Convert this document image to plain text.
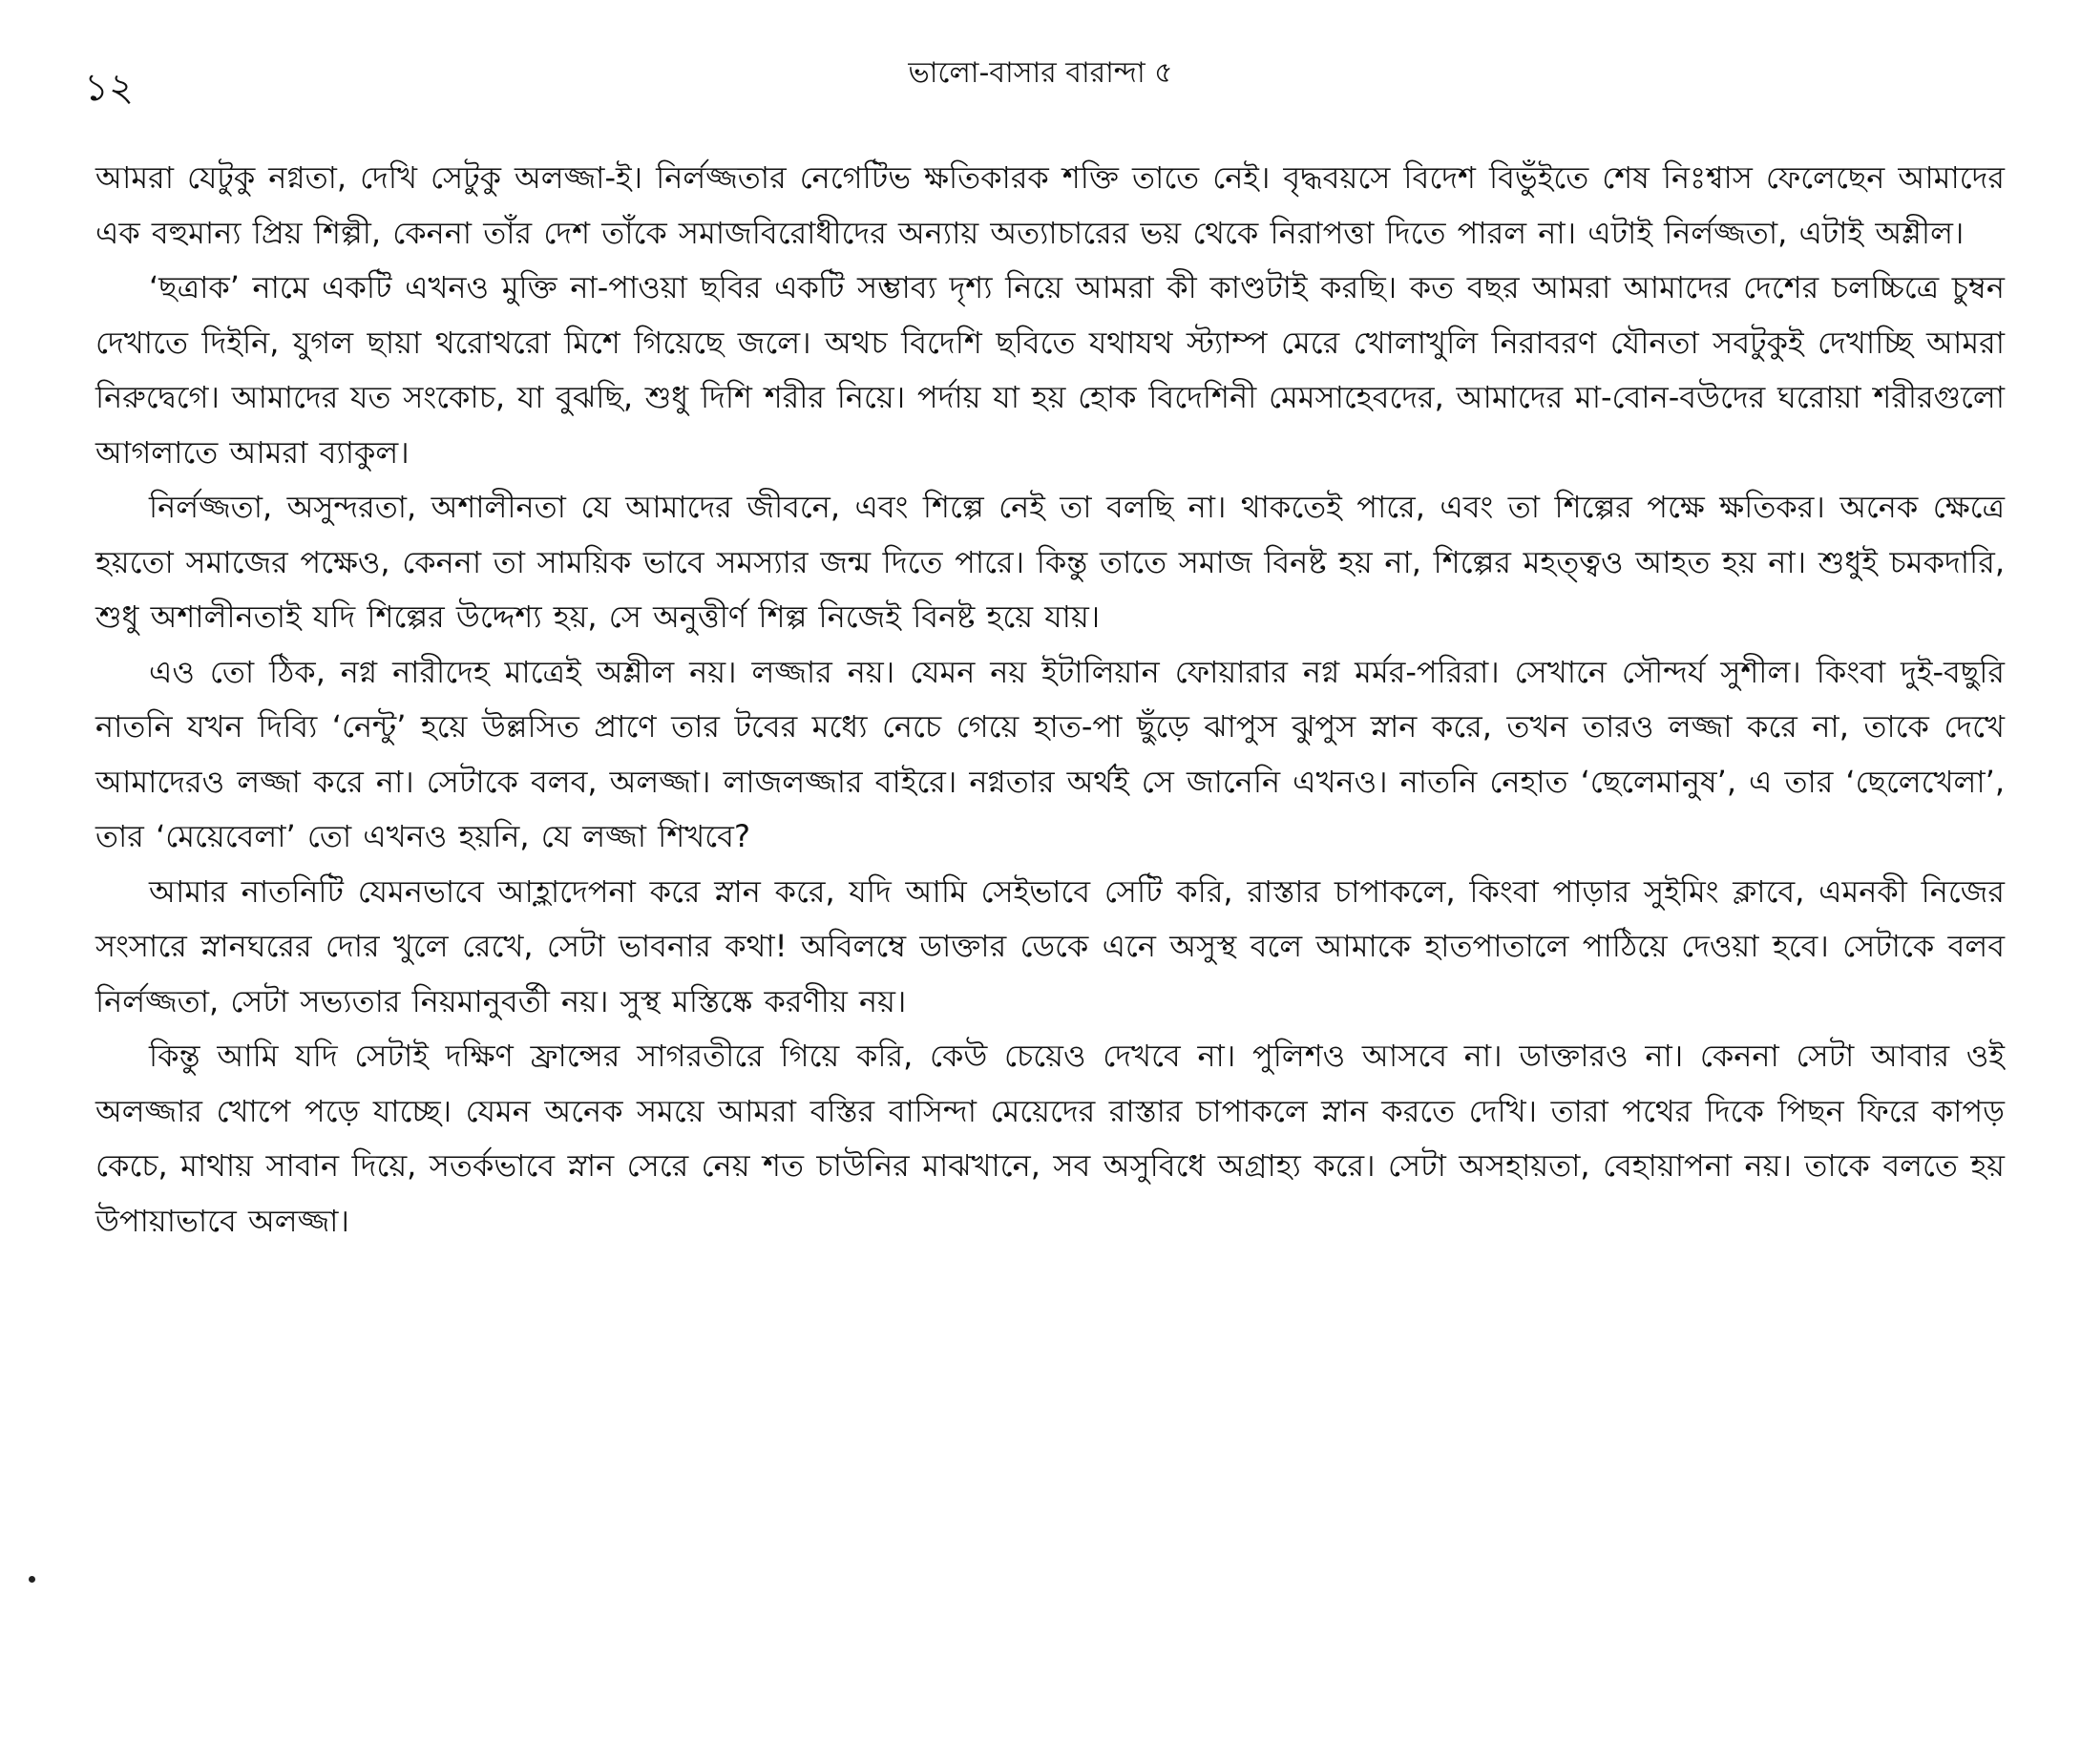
১২	ভালো-বাসার বারান্দা ৫

আমরা যেটুকু নগ্নতা, দেখি সেটুকু অলজ্জা-ই। নির্লজ্জতার নেগেটিভ ক্ষতিকারক শক্তি তাতে নেই। বৃদ্ধবয়সে বিদেশ বিভুঁইতে শেষ নিঃশ্বাস ফেলেছেন আমাদের এক বহুমান্য প্রিয় শিল্পী, কেননা তাঁর দেশ তাঁকে সমাজবিরোধীদের অন্যায় অত্যাচারের ভয় থেকে নিরাপত্তা দিতে পারল না। এটাই নির্লজ্জতা, এটাই অশ্লীল।

‘ছত্রাক’ নামে একটি এখনও মুক্তি না-পাওয়া ছবির একটি সম্ভাব্য দৃশ্য নিয়ে আমরা কী কাণ্ডটাই করছি। কত বছর আমরা আমাদের দেশের চলচ্চিত্রে চুম্বন দেখাতে দিইনি, যুগল ছায়া থরোথরো মিশে গিয়েছে জলে। অথচ বিদেশি ছবিতে যথাযথ স্ট্যাম্প মেরে খোলাখুলি নিরাবরণ যৌনতা সবটুকুই দেখাচ্ছি আমরা নিরুদ্বেগে। আমাদের যত সংকোচ, যা বুঝছি, শুধু দিশি শরীর নিয়ে। পর্দায় যা হয় হোক বিদেশিনী মেমসাহেবদের, আমাদের মা-বোন-বউদের ঘরোয়া শরীরগুলো আগলাতে আমরা ব্যাকুল।

নির্লজ্জতা, অসুন্দরতা, অশালীনতা যে আমাদের জীবনে, এবং শিল্পে নেই তা বলছি না। থাকতেই পারে, এবং তা শিল্পের পক্ষে ক্ষতিকর। অনেক ক্ষেত্রে হয়তো সমাজের পক্ষেও, কেননা তা সাময়িক ভাবে সমস্যার জন্ম দিতে পারে। কিন্তু তাতে সমাজ বিনষ্ট হয় না, শিল্পের মহত্ত্বও আহত হয় না। শুধুই চমকদারি, শুধু অশালীনতাই যদি শিল্পের উদ্দেশ্য হয়, সে অনুত্তীর্ণ শিল্প নিজেই বিনষ্ট হয়ে যায়।

এও তো ঠিক, নগ্ন নারীদেহ মাত্রেই অশ্লীল নয়। লজ্জার নয়। যেমন নয় ইটালিয়ান ফোয়ারার নগ্ন মর্মর-পরিরা। সেখানে সৌন্দর্য সুশীল। কিংবা দুই-বছুরি নাতনি যখন দিব্যি ‘নেন্টু’ হয়ে উল্লসিত প্রাণে তার টবের মধ্যে নেচে গেয়ে হাত-পা ছুঁড়ে ঝাপুস ঝুপুস স্নান করে, তখন তারও লজ্জা করে না, তাকে দেখে আমাদেরও লজ্জা করে না। সেটাকে বলব, অলজ্জা। লাজলজ্জার বাইরে। নগ্নতার অর্থই সে জানেনি এখনও। নাতনি নেহাত ‘ছেলেমানুষ’, এ তার ‘ছেলেখেলা’, তার ‘মেয়েবেলা’ তো এখনও হয়নি, যে লজ্জা শিখবে?

আমার নাতনিটি যেমনভাবে আহ্লাদেপনা করে স্নান করে, যদি আমি সেইভাবে সেটি করি, রাস্তার চাপাকলে, কিংবা পাড়ার সুইমিং ক্লাবে, এমনকী নিজের সংসারে স্নানঘরের দোর খুলে রেখে, সেটা ভাবনার কথা! অবিলম্বে ডাক্তার ডেকে এনে অসুস্থ বলে আমাকে হাতপাতালে পাঠিয়ে দেওয়া হবে। সেটাকে বলব নির্লজ্জতা, সেটা সভ্যতার নিয়মানুবর্তী নয়। সুস্থ মস্তিষ্কে করণীয় নয়।

কিন্তু আমি যদি সেটাই দক্ষিণ ফ্রান্সের সাগরতীরে গিয়ে করি, কেউ চেয়েও দেখবে না। পুলিশও আসবে না। ডাক্তারও না। কেননা সেটা আবার ওই অলজ্জার খোপে পড়ে যাচ্ছে। যেমন অনেক সময়ে আমরা বস্তির বাসিন্দা মেয়েদের রাস্তার চাপাকলে স্নান করতে দেখি। তারা পথের দিকে পিছন ফিরে কাপড় কেচে, মাথায় সাবান দিয়ে, সতর্কভাবে স্নান সেরে নেয় শত চাউনির মাঝখানে, সব অসুবিধে অগ্রাহ্য করে। সেটা অসহায়তা, বেহায়াপনা নয়। তাকে বলতে হয় উপায়াভাবে অলজ্জা।
